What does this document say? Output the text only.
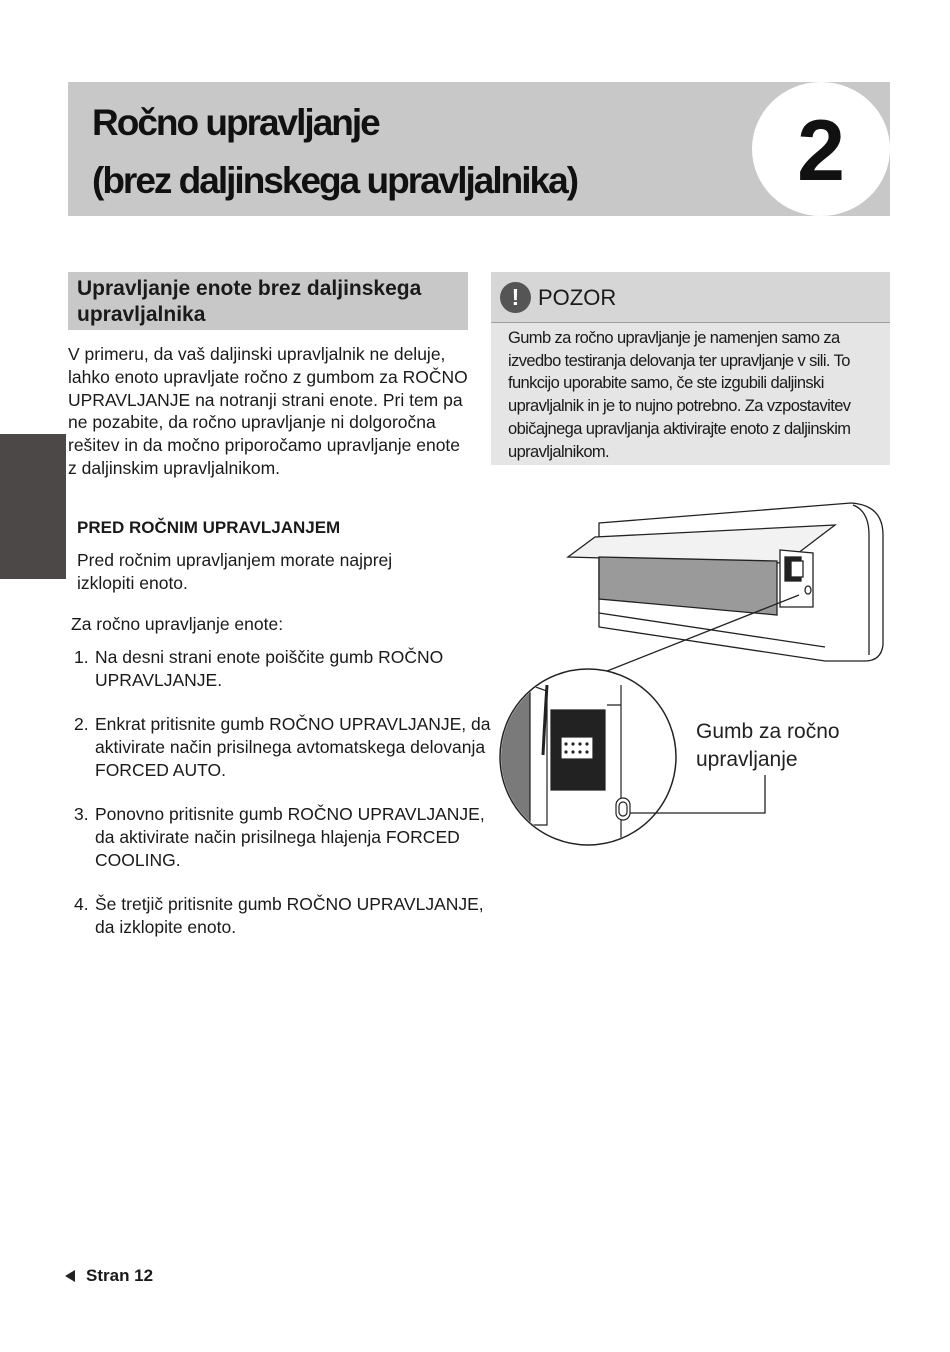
Ročno upravljanje
(brez daljinskega upravljalnika)	2
Upravljanje enote brez daljinskega upravljalnika
V primeru, da vaš daljinski upravljalnik ne deluje, lahko enoto upravljate ročno z gumbom za ROČNO UPRAVLJANJE na notranji strani enote. Pri tem pa ne pozabite, da ročno upravljanje ni dolgoročna rešitev in da močno priporočamo upravljanje enote z daljinskim upravljalnikom.
PRED ROČNIM UPRAVLJANJEM
Pred ročnim upravljanjem morate najprej izklopiti enoto.
Za ročno upravljanje enote:
1. Na desni strani enote poiščite gumb ROČNO UPRAVLJANJE.
2. Enkrat pritisnite gumb ROČNO UPRAVLJANJE, da aktivirate način prisilnega avtomatskega delovanja FORCED AUTO.
3. Ponovno pritisnite gumb ROČNO UPRAVLJANJE, da aktivirate način prisilnega hlajenja FORCED COOLING.
4. Še tretjič pritisnite gumb ROČNO UPRAVLJANJE, da izklopite enoto.
! POZOR
Gumb za ročno upravljanje je namenjen samo za izvedbo testiranja delovanja ter upravljanje v sili. To funkcijo uporabite samo, če ste izgubili daljinski upravljalnik in je to nujno potrebno. Za vzpostavitev običajnega upravljanja aktivirajte enoto z daljinskim upravljalnikom.
Gumb za ročno upravljanje
Stran 12
